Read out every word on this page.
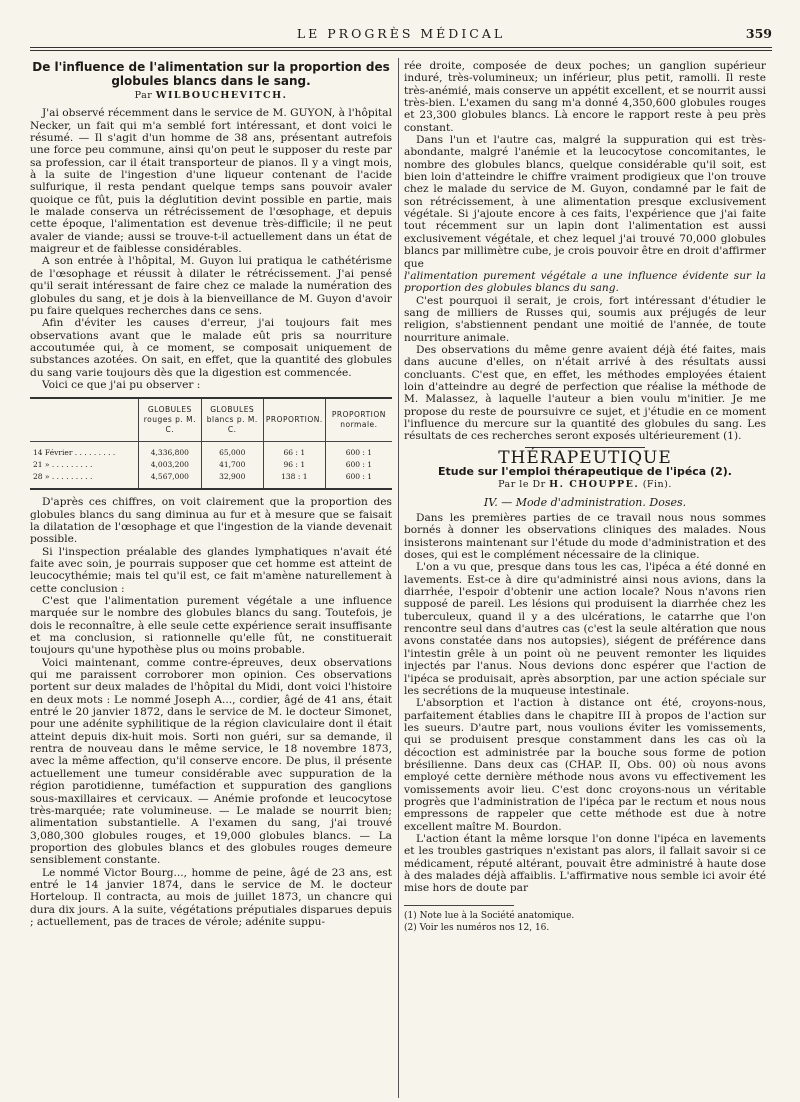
LE PROGRÈS MÉDICAL	359
De l'influence de l'alimentation sur la proportion des globules blancs dans le sang.
Par WILBOUCHEVITCH.

J'ai observé récemment dans le service de M. GUYON, à l'hôpital Necker, un fait qui m'a semblé fort intéressant, et dont voici le résumé. — Il s'agit d'un homme de 38 ans, présentant autrefois une force peu commune, ainsi qu'on peut le supposer du reste par sa profession, car il était transporteur de pianos. Il y a vingt mois, à la suite de l'ingestion d'une liqueur contenant de l'acide sulfurique, il resta pendant quelque temps sans pouvoir avaler quoique ce fût, puis la déglutition devint possible en partie, mais le malade conserva un rétrécissement de l'œsophage, et depuis cette époque, l'alimentation est devenue très-difficile; il ne peut avaler de viande; aussi se trouve-t-il actuellement dans un état de maigreur et de faiblesse considérables.

A son entrée à l'hôpital, M. Guyon lui pratiqua le cathétérisme de l'œsophage et réussit à dilater le rétrécissement. J'ai pensé qu'il serait intéressant de faire chez ce malade la numération des globules du sang, et je dois à la bienveillance de M. Guyon d'avoir pu faire quelques recherches dans ce sens.

Afin d'éviter les causes d'erreur, j'ai toujours fait mes observations avant que le malade eût pris sa nourriture accoutumée qui, à ce moment, se composait uniquement de substances azotées. On sait, en effet, que la quantité des globules du sang varie toujours dès que la digestion est commencée.

Voici ce que j'ai pu observer :

	GLOBULES rouges p. M. C.	GLOBULES blancs p. M. C.	PROPORTION.	PROPORTION normale.
14 Février . . . . . . . . .	4,336,800	65,000	66 : 1	600 : 1
21 » . . . . . . . . .	4,003,200	41,700	96 : 1	600 : 1
28 » . . . . . . . . .	4,567,000	32,900	138 : 1	600 : 1

D'après ces chiffres, on voit clairement que la proportion des globules blancs du sang diminua au fur et à mesure que se faisait la dilatation de l'œsophage et que l'ingestion de la viande devenait possible.

Si l'inspection préalable des glandes lymphatiques n'avait été faite avec soin, je pourrais supposer que cet homme est atteint de leucocythémie; mais tel qu'il est, ce fait m'amène naturellement à cette conclusion :

C'est que l'alimentation purement végétale a une influence marquée sur le nombre des globules blancs du sang. Toutefois, je dois le reconnaître, à elle seule cette expérience serait insuffisante et ma conclusion, si rationnelle qu'elle fût, ne constituerait toujours qu'une hypothèse plus ou moins probable.

Voici maintenant, comme contre-épreuves, deux observations qui me paraissent corroborer mon opinion. Ces observations portent sur deux malades de l'hôpital du Midi, dont voici l'histoire en deux mots : Le nommé Joseph A..., cordier, âgé de 41 ans, était entré le 20 janvier 1872, dans le service de M. le docteur Simonet, pour une adénite syphilitique de la région claviculaire dont il était atteint depuis dix-huit mois. Sorti non guéri, sur sa demande, il rentra de nouveau dans le même service, le 18 novembre 1873, avec la même affection, qu'il conserve encore. De plus, il présente actuellement une tumeur considérable avec suppuration de la région parotidienne, tuméfaction et suppuration des ganglions sous-maxillaires et cervicaux. — Anémie profonde et leucocytose très-marquée; rate volumineuse. — Le malade se nourrit bien; alimentation substantielle. A l'examen du sang, j'ai trouvé 3,080,300 globules rouges, et 19,000 globules blancs. — La proportion des globules blancs et des globules rouges demeure sensiblement constante.

Le nommé Victor Bourg..., homme de peine, âgé de 23 ans, est entré le 14 janvier 1874, dans le service de M. le docteur Horteloup. Il contracta, au mois de juillet 1873, un chancre qui dura dix jours. A la suite, végétations préputiales disparues depuis ; actuellement, pas de traces de vérole; adénite suppu-

rée droite, composée de deux poches; un ganglion supérieur induré, très-volumineux; un inférieur, plus petit, ramolli. Il reste très-anémié, mais conserve un appétit excellent, et se nourrit aussi très-bien. L'examen du sang m'a donné 4,350,600 globules rouges et 23,300 globules blancs. Là encore le rapport reste à peu près constant.

Dans l'un et l'autre cas, malgré la suppuration qui est très-abondante, malgré l'anémie et la leucocytose concomitantes, le nombre des globules blancs, quelque considérable qu'il soit, est bien loin d'atteindre le chiffre vraiment prodigieux que l'on trouve chez le malade du service de M. Guyon, condamné par le fait de son rétrécissement, à une alimentation presque exclusivement végétale. Si j'ajoute encore à ces faits, l'expérience que j'ai faite tout récemment sur un lapin dont l'alimentation est aussi exclusivement végétale, et chez lequel j'ai trouvé 70,000 globules blancs par millimètre cube, je crois pouvoir être en droit d'affirmer que

l'alimentation purement végétale a une influence évidente sur la proportion des globules blancs du sang.

C'est pourquoi il serait, je crois, fort intéressant d'étudier le sang de milliers de Russes qui, soumis aux préjugés de leur religion, s'abstiennent pendant une moitié de l'année, de toute nourriture animale.

Des observations du même genre avaient déjà été faites, mais dans aucune d'elles, on n'était arrivé à des résultats aussi concluants. C'est que, en effet, les méthodes employées étaient loin d'atteindre au degré de perfection que réalise la méthode de M. Malassez, à laquelle l'auteur a bien voulu m'initier. Je me propose du reste de poursuivre ce sujet, et j'étudie en ce moment l'influence du mercure sur la quantité des globules du sang. Les résultats de ces recherches seront exposés ultérieurement (1).

THÉRAPEUTIQUE
Etude sur l'emploi thérapeutique de l'ipéca (2).
Par le Dr H. CHOUPPE. (Fin).
IV. — Mode d'administration. Doses.

Dans les premières parties de ce travail nous nous sommes bornés à donner les observations cliniques des malades. Nous insisterons maintenant sur l'étude du mode d'administration et des doses, qui est le complément nécessaire de la clinique.

L'on a vu que, presque dans tous les cas, l'ipéca a été donné en lavements. Est-ce à dire qu'administré ainsi nous avions, dans la diarrhée, l'espoir d'obtenir une action locale? Nous n'avons rien supposé de pareil. Les lésions qui produisent la diarrhée chez les tuberculeux, quand il y a des ulcérations, le catarrhe que l'on rencontre seul dans d'autres cas (c'est la seule altération que nous avons constatée dans nos autopsies), siégent de préférence dans l'intestin grêle à un point où ne peuvent remonter les liquides injectés par l'anus. Nous devions donc espérer que l'action de l'ipéca se produisait, après absorption, par une action spéciale sur les secrétions de la muqueuse intestinale.

L'absorption et l'action à distance ont été, croyons-nous, parfaitement établies dans le chapitre III à propos de l'action sur les sueurs. D'autre part, nous voulions éviter les vomissements, qui se produisent presque constamment dans les cas où la décoction est administrée par la bouche sous forme de potion brésilienne. Dans deux cas (CHAP. II, Obs. 00) où nous avons employé cette dernière méthode nous avons vu effectivement les vomissements avoir lieu. C'est donc croyons-nous un véritable progrès que l'administration de l'ipéca par le rectum et nous nous empressons de rappeler que cette méthode est due à notre excellent maître M. Bourdon.

L'action étant la même lorsque l'on donne l'ipéca en lavements et les troubles gastriques n'existant pas alors, il fallait savoir si ce médicament, réputé altérant, pouvait être administré à haute dose à des malades déjà affaiblis. L'affirmative nous semble ici avoir été mise hors de doute par

(1) Note lue à la Société anatomique.
(2) Voir les numéros nos 12, 16.
